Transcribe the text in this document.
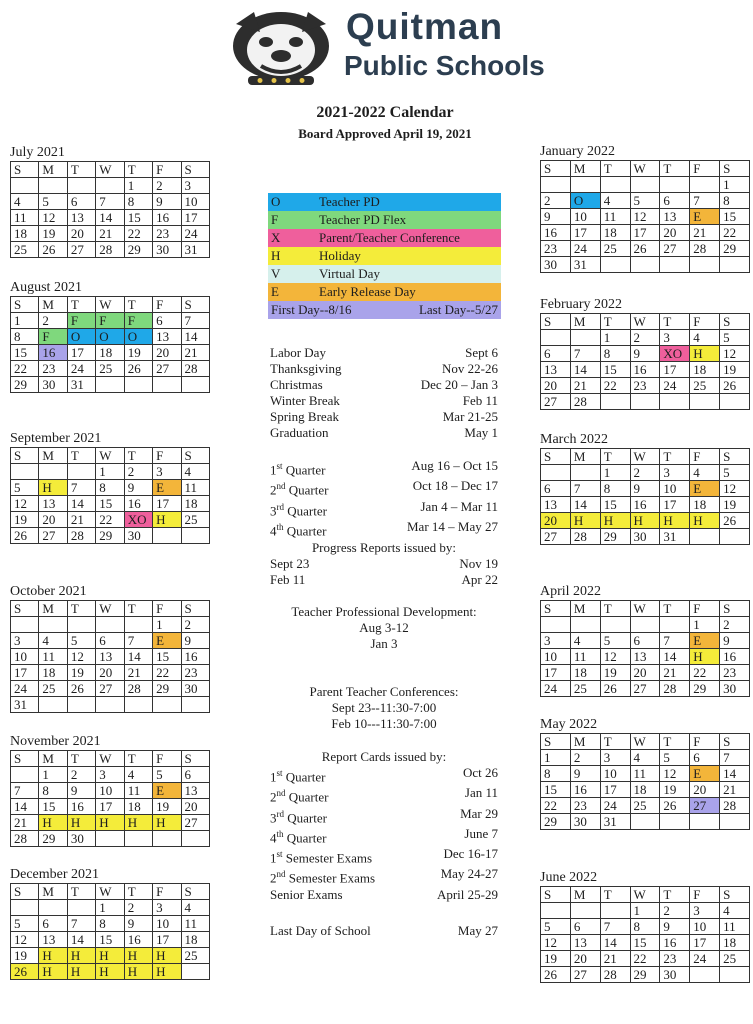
Quitman
Public Schools
2021-2022 Calendar
Board Approved April 19, 2021
July 2021
S	M	T	W	T	F	S
				1	2	3
4	5	6	7	8	9	10
11	12	13	14	15	16	17
18	19	20	21	22	23	24
25	26	27	28	29	30	31
August 2021
S	M	T	W	T	F	S
1	2	F	F	F	6	7
8	F	O	O	O	13	14
15	16	17	18	19	20	21
22	23	24	25	26	27	28
29	30	31				
September 2021
S	M	T	W	T	F	S
			1	2	3	4
5	H	7	8	9	E	11
12	13	14	15	16	17	18
19	20	21	22	XO	H	25
26	27	28	29	30		
October 2021
S	M	T	W	T	F	S
					1	2
3	4	5	6	7	E	9
10	11	12	13	14	15	16
17	18	19	20	21	22	23
24	25	26	27	28	29	30
31						
November 2021
S	M	T	W	T	F	S
	1	2	3	4	5	6
7	8	9	10	11	E	13
14	15	16	17	18	19	20
21	H	H	H	H	H	27
28	29	30				
December 2021
S	M	T	W	T	F	S
			1	2	3	4
5	6	7	8	9	10	11
12	13	14	15	16	17	18
19	H	H	H	H	H	25
26	H	H	H	H	H	
January 2022
S	M	T	W	T	F	S
						1
2	O	4	5	6	7	8
9	10	11	12	13	E	15
16	17	18	17	20	21	22
23	24	25	26	27	28	29
30	31					
February 2022
S	M	T	W	T	F	S
		1	2	3	4	5
6	7	8	9	XO	H	12
13	14	15	16	17	18	19
20	21	22	23	24	25	26
27	28					
March 2022
S	M	T	W	T	F	S
		1	2	3	4	5
6	7	8	9	10	E	12
13	14	15	16	17	18	19
20	H	H	H	H	H	26
27	28	29	30	31		
April 2022
S	M	T	W	T	F	S
					1	2
3	4	5	6	7	E	9
10	11	12	13	14	H	16
17	18	19	20	21	22	23
24	25	26	27	28	29	30
May 2022
S	M	T	W	T	F	S
1	2	3	4	5	6	7
8	9	10	11	12	E	14
15	16	17	18	19	20	21
22	23	24	25	26	27	28
29	30	31				
June 2022
S	M	T	W	T	F	S
			1	2	3	4
5	6	7	8	9	10	11
12	13	14	15	16	17	18
19	20	21	22	23	24	25
26	27	28	29	30		
O	Teacher PD
F	Teacher PD Flex
X	Parent/Teacher Conference
H	Holiday
V	Virtual Day
E	Early Release Day
First Day--8/16	Last Day--5/27
Labor Day	Sept 6
Thanksgiving	Nov 22-26
Christmas	Dec 20 – Jan 3
Winter Break	Feb 11
Spring Break	Mar 21-25
Graduation	May 1
1st Quarter	Aug 16 – Oct 15
2nd Quarter	Oct 18 – Dec 17
3rd Quarter	Jan 4 – Mar 11
4th Quarter	Mar 14 – May 27
Progress Reports issued by:
Sept 23	Nov 19
Feb 11	Apr 22
Teacher Professional Development:
Aug 3-12
Jan 3
Parent Teacher Conferences:
Sept 23--11:30-7:00
Feb 10---11:30-7:00
Report Cards issued by:
1st Quarter	Oct 26
2nd Quarter	Jan 11
3rd Quarter	Mar 29
4th Quarter	June 7
1st Semester Exams	Dec 16-17
2nd Semester Exams	May 24-27
Senior Exams	April 25-29
Last Day of School	May 27
